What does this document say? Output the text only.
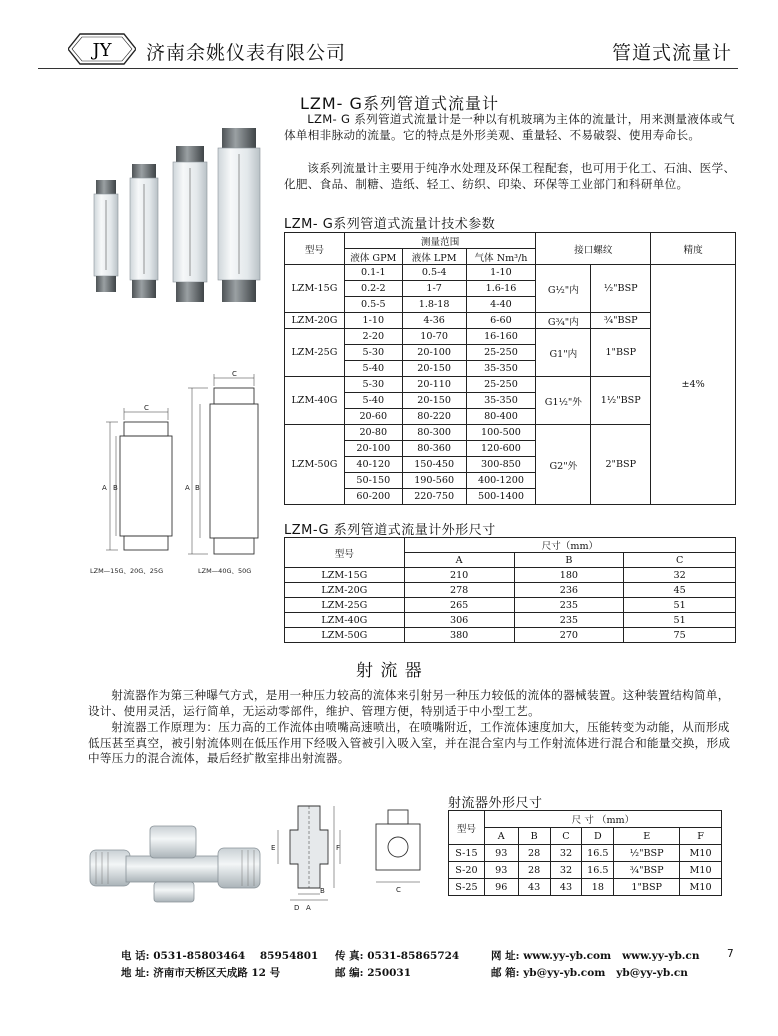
JY 济南余姚仪表有限公司	管道式流量计
LZM- G系列管道式流量计
LZM- G 系列管道式流量计是一种以有机玻璃为主体的流量计，用来测量液体或气体单相非脉动的流量。它的特点是外形美观、重量轻、不易破裂、使用寿命长。
该系列流量计主要用于纯净水处理及环保工程配套，也可用于化工、石油、医学、化肥、食品、制糖、造纸、轻工、纺织、印染、环保等工业部门和科研单位。
LZM- G系列管道式流量计技术参数
型号	测量范围			接口螺纹		精度
	液体 GPM	液体 LPM	气体 Nm³/h			
LZM-15G	0.1-1	0.5-4	1-10	G½"内	½"BSP	±4%
	0.2-2	1-7	1.6-16			
	0.5-5	1.8-18	4-40			
LZM-20G	1-10	4-36	6-60	G¾"内	¾"BSP	
LZM-25G	2-20	10-70	16-160	G1"内	1"BSP	
	5-30	20-100	25-250			
	5-40	20-150	35-350			
LZM-40G	5-30	20-110	25-250	G1½"外	1½"BSP	
	5-40	20-150	35-350			
	20-60	80-220	80-400			
LZM-50G	20-80	80-300	100-500	G2"外	2"BSP	
	20-100	80-360	120-600			
	40-120	150-450	300-850			
	50-150	190-560	400-1200			
	60-200	220-750	500-1400			
C
A B
C
A B
LZM—15G、20G、25G	LZM—40G、50G
LZM-G 系列管道式流量计外形尺寸
型号	尺寸（mm）		
	A	B	C
LZM-15G	210	180	32
LZM-20G	278	236	45
LZM-25G	265	235	51
LZM-40G	306	235	51
LZM-50G	380	270	75
射 流 器
射流器作为第三种曝气方式，是用一种压力较高的流体来引射另一种压力较低的流体的器械装置。这种装置结构简单，设计、使用灵活，运行简单，无运动零部件，维护、管理方便，特别适于中小型工艺。
射流器工作原理为：压力高的工作流体由喷嘴高速喷出，在喷嘴附近，工作流体速度加大，压能转变为动能，从而形成低压甚至真空，被引射流体则在低压作用下经吸入管被引入吸入室，并在混合室内与工作射流体进行混合和能量交换，形成中等压力的混合流体，最后经扩散室排出射流器。
A
B
D
E	F
C
射流器外形尺寸
型号	尺 寸 （mm）					
	A	B	C	D	E	F
S-15	93	28	32	16.5	½"BSP	M10
S-20	93	28	32	16.5	¾"BSP	M10
S-25	96	43	43	18	1"BSP	M10
电 话: 0531-85803464 85954801 传 真: 0531-85865724	网 址: www.yy-yb.com www.yy-yb.cn	7
地 址: 济南市天桥区天成路 12 号	邮 编: 250031	邮 箱: yb@yy-yb.com yb@yy-yb.cn
